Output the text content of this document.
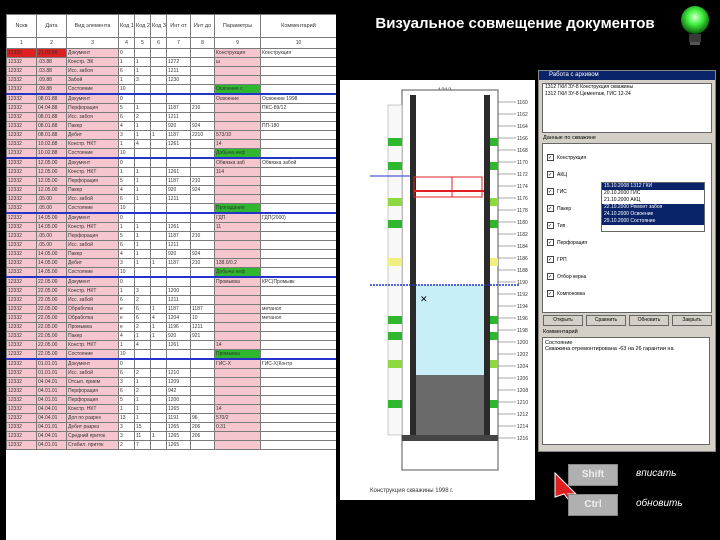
Визуальное совмещение документов
Ncкв	Дата	Вид элемента	Код 1	Код 2	Код 3	Инт от	Инт до	Параметры	Комментарий
1	2	3	4	5	6	7	8	9	10
12332	21.03.88	Документ	0					Конструкция	Конструкция
12332	.03.88	Констр. ЭК	1	1		1272		ш	
12332	.03.88	Исс. забоя	6	1		1211			
12332	.09.88	Забой	1	3		1230			
12332	.09.88	Состояние	10					Освоение с	
12332	08.01.88	Документ	0					Освоение	Освоение 1998
12332	04.04.88	Перфорация	5	1		1187	210		ПКС-89/12
12332	08.01.88	Исс. забоя	6	2		1211			
12332	08.01.88	Пакер	4	1		920	924		ПП-180
12332	08.01.88	Дебит	3	1	1	1187	2210	573/10	
12332	10.02.88	Констр. НКТ	1	4		1261		14	
12332	10.02.88	Состояние	10					Добыча неф	
12332	12.05.00	Документ	0					Обвязка заб	Обвязка забой
12332	12.05.00	Констр. НКТ	1	1		1261		114	
12332	12.05.00	Перфорация	5	1		1187	210		
12332	12.05.00	Пакер	4	1		920	924		
12332	.05.00	Исс. забой	6	1		1211			
12332	.05.00	Состояние	10					Пропадания	
12332	14.05.00	Документ	0					ГДП	ГДП(2000)
12332	14.05.00	Констр. НКТ	1	1		1261		11	
12332	.05.00	Перфорация	5	1		1187	210		
12332	.05.00	Исс. забой	6	1		1211			
12332	14.05.00	Пакер	4	1		920	924		
12332	14.05.00	Дебит	3	1	1	1187	210	138.0/0.2	
12332	14.05.00	Состояние	10					Добыча неф	
12332	22.05.00	Документ	0					Промывка	КРС(Промывк
12332	22.05.00	Констр. НКТ	1	3		1200			
12332	22.05.00	Исс. забой	6	2		1211			
12332	22.05.00	Обработка	е	6	1	1187	1187		метанол
12332	22.05.00	Обработка	е	6	4	1204	10		метанол
12332	22.05.00	Промывка	е	2	1	1196	1211		
12332	22.05.00	Пакер	4	1	1	920	921		
12332	22.05.00	Констр. НКТ	1	4		1261		14	
12332	22.05.00	Состояние	10					Промывка	
12332	01.01.01	Документ	0					ГИС-Х	ГИС-Х(Контр
12332	01.01.01	Исс. забой	6	2		1210			
12332	04.04.01	Отсып. прием	3	1		1209			
12332	04.01.01	Перфорация	6	2		942			
12332	04.01.01	Перфорация	5	1		1200			
12332	04.04.01	Констр. НКТ	1	1		1265		14	
12332	04.04.01	Дол по разрез	13	1		1191	96	570/2	
12332	04.01.01	Дебит разрез	3	15		1265	206	0.31	
12332	04.04.01	Средний приток	3	11	1	1265	206		
12332	04.01.01	Стабил. приток	2	7		1265			
✕
1160
1162
1164
1166
1168
1170
1172
1174
1176
1178
1180
1182
1184
1186
1188
1190
1192
1194
1196
1198
1200
1202
1204
1206
1208
1210
1212
1214
1216
Конструкция скважины 1998 г.
Работа с архивом
1312 ГКИ ЗУ-8 Конструкция скважины
1312 ГКИ ЗУ-8 Цементаж, ГИС 12-24
Данные по скважине
✓ Конструкция
✓ АКЦ
✓ ГИС
✓ Пакер
✓ Тип
✓ Перфорация
✓ ГРП
✓ Отбор керна
✓ Компоновка
15.10.2008 1312 ГКИ
20.10.2000 ГИС
21.10.2000 АКЦ
22.10.2000 Ремонт забоя
24.10.2000 Освоение
29.10.2000 Состояние
Открыть	Сравнить	Обновить	Закрыть
Комментарий
Состояние
Скважина отремонтирована -63 на 26 гарантии на
Shift	вписать
Ctrl	обновить
